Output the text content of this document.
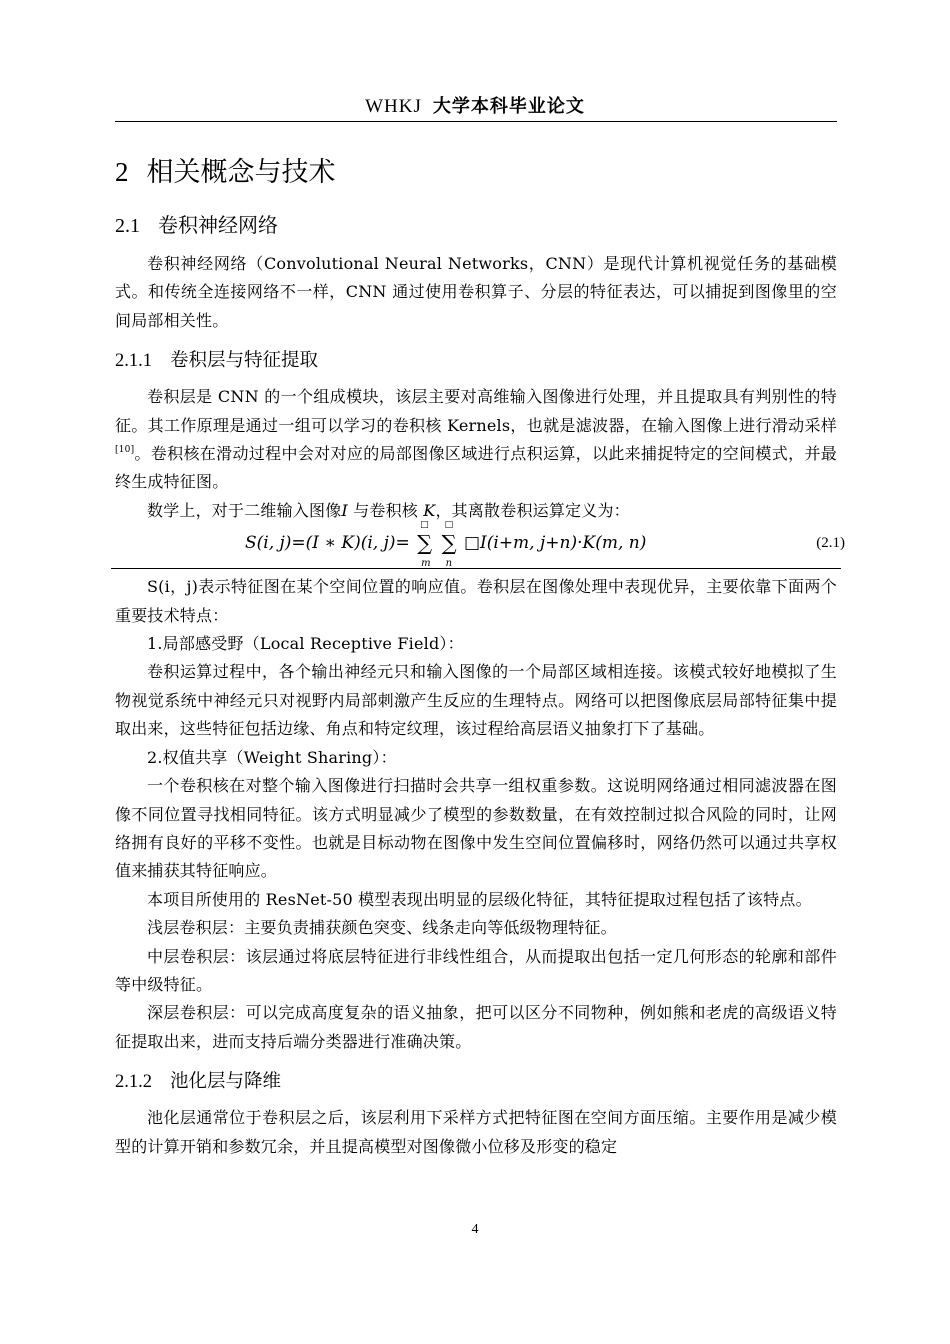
WHKJ 大学本科毕业论文
2 相关概念与技术
2.1 卷积神经网络

卷积神经网络（Convolutional Neural Networks，CNN）是现代计算机视觉任务的基础模式。和传统全连接网络不一样，CNN 通过使用卷积算子、分层的特征表达，可以捕捉到图像里的空间局部相关性。

2.1.1 卷积层与特征提取

卷积层是 CNN 的一个组成模块，该层主要对高维输入图像进行处理，并且提取具有判别性的特征。其工作原理是通过一组可以学习的卷积核 Kernels，也就是滤波器，在输入图像上进行滑动采样[10]。卷积核在滑动过程中会对对应的局部图像区域进行点积运算，以此来捕捉特定的空间模式，并最终生成特征图。

数学上，对于二维输入图像𝐼 与卷积核 𝐾，其离散卷积运算定义为：

S(i, j)=(I ∗ K)(i, j)= ∑
□
m
∑
□
n
□I(i+m, j+n)·K(m, n)	(2.1)

S(i，j)表示特征图在某个空间位置的响应值。卷积层在图像处理中表现优异，主要依靠下面两个重要技术特点：

1.局部感受野（Local Receptive Field）：

卷积运算过程中，各个输出神经元只和输入图像的一个局部区域相连接。该模式较好地模拟了生物视觉系统中神经元只对视野内局部刺激产生反应的生理特点。网络可以把图像底层局部特征集中提取出来，这些特征包括边缘、角点和特定纹理，该过程给高层语义抽象打下了基础。

2.权值共享（Weight Sharing）：

一个卷积核在对整个输入图像进行扫描时会共享一组权重参数。这说明网络通过相同滤波器在图像不同位置寻找相同特征。该方式明显减少了模型的参数数量，在有效控制过拟合风险的同时，让网络拥有良好的平移不变性。也就是目标动物在图像中发生空间位置偏移时，网络仍然可以通过共享权值来捕获其特征响应。

本项目所使用的 ResNet-50 模型表现出明显的层级化特征，其特征提取过程包括了该特点。

浅层卷积层：主要负责捕获颜色突变、线条走向等低级物理特征。

中层卷积层：该层通过将底层特征进行非线性组合，从而提取出包括一定几何形态的轮廓和部件等中级特征。

深层卷积层：可以完成高度复杂的语义抽象，把可以区分不同物种，例如熊和老虎的高级语义特征提取出来，进而支持后端分类器进行准确决策。

2.1.2 池化层与降维

池化层通常位于卷积层之后，该层利用下采样方式把特征图在空间方面压缩。主要作用是减少模型的计算开销和参数冗余，并且提高模型对图像微小位移及形变的稳定

4
